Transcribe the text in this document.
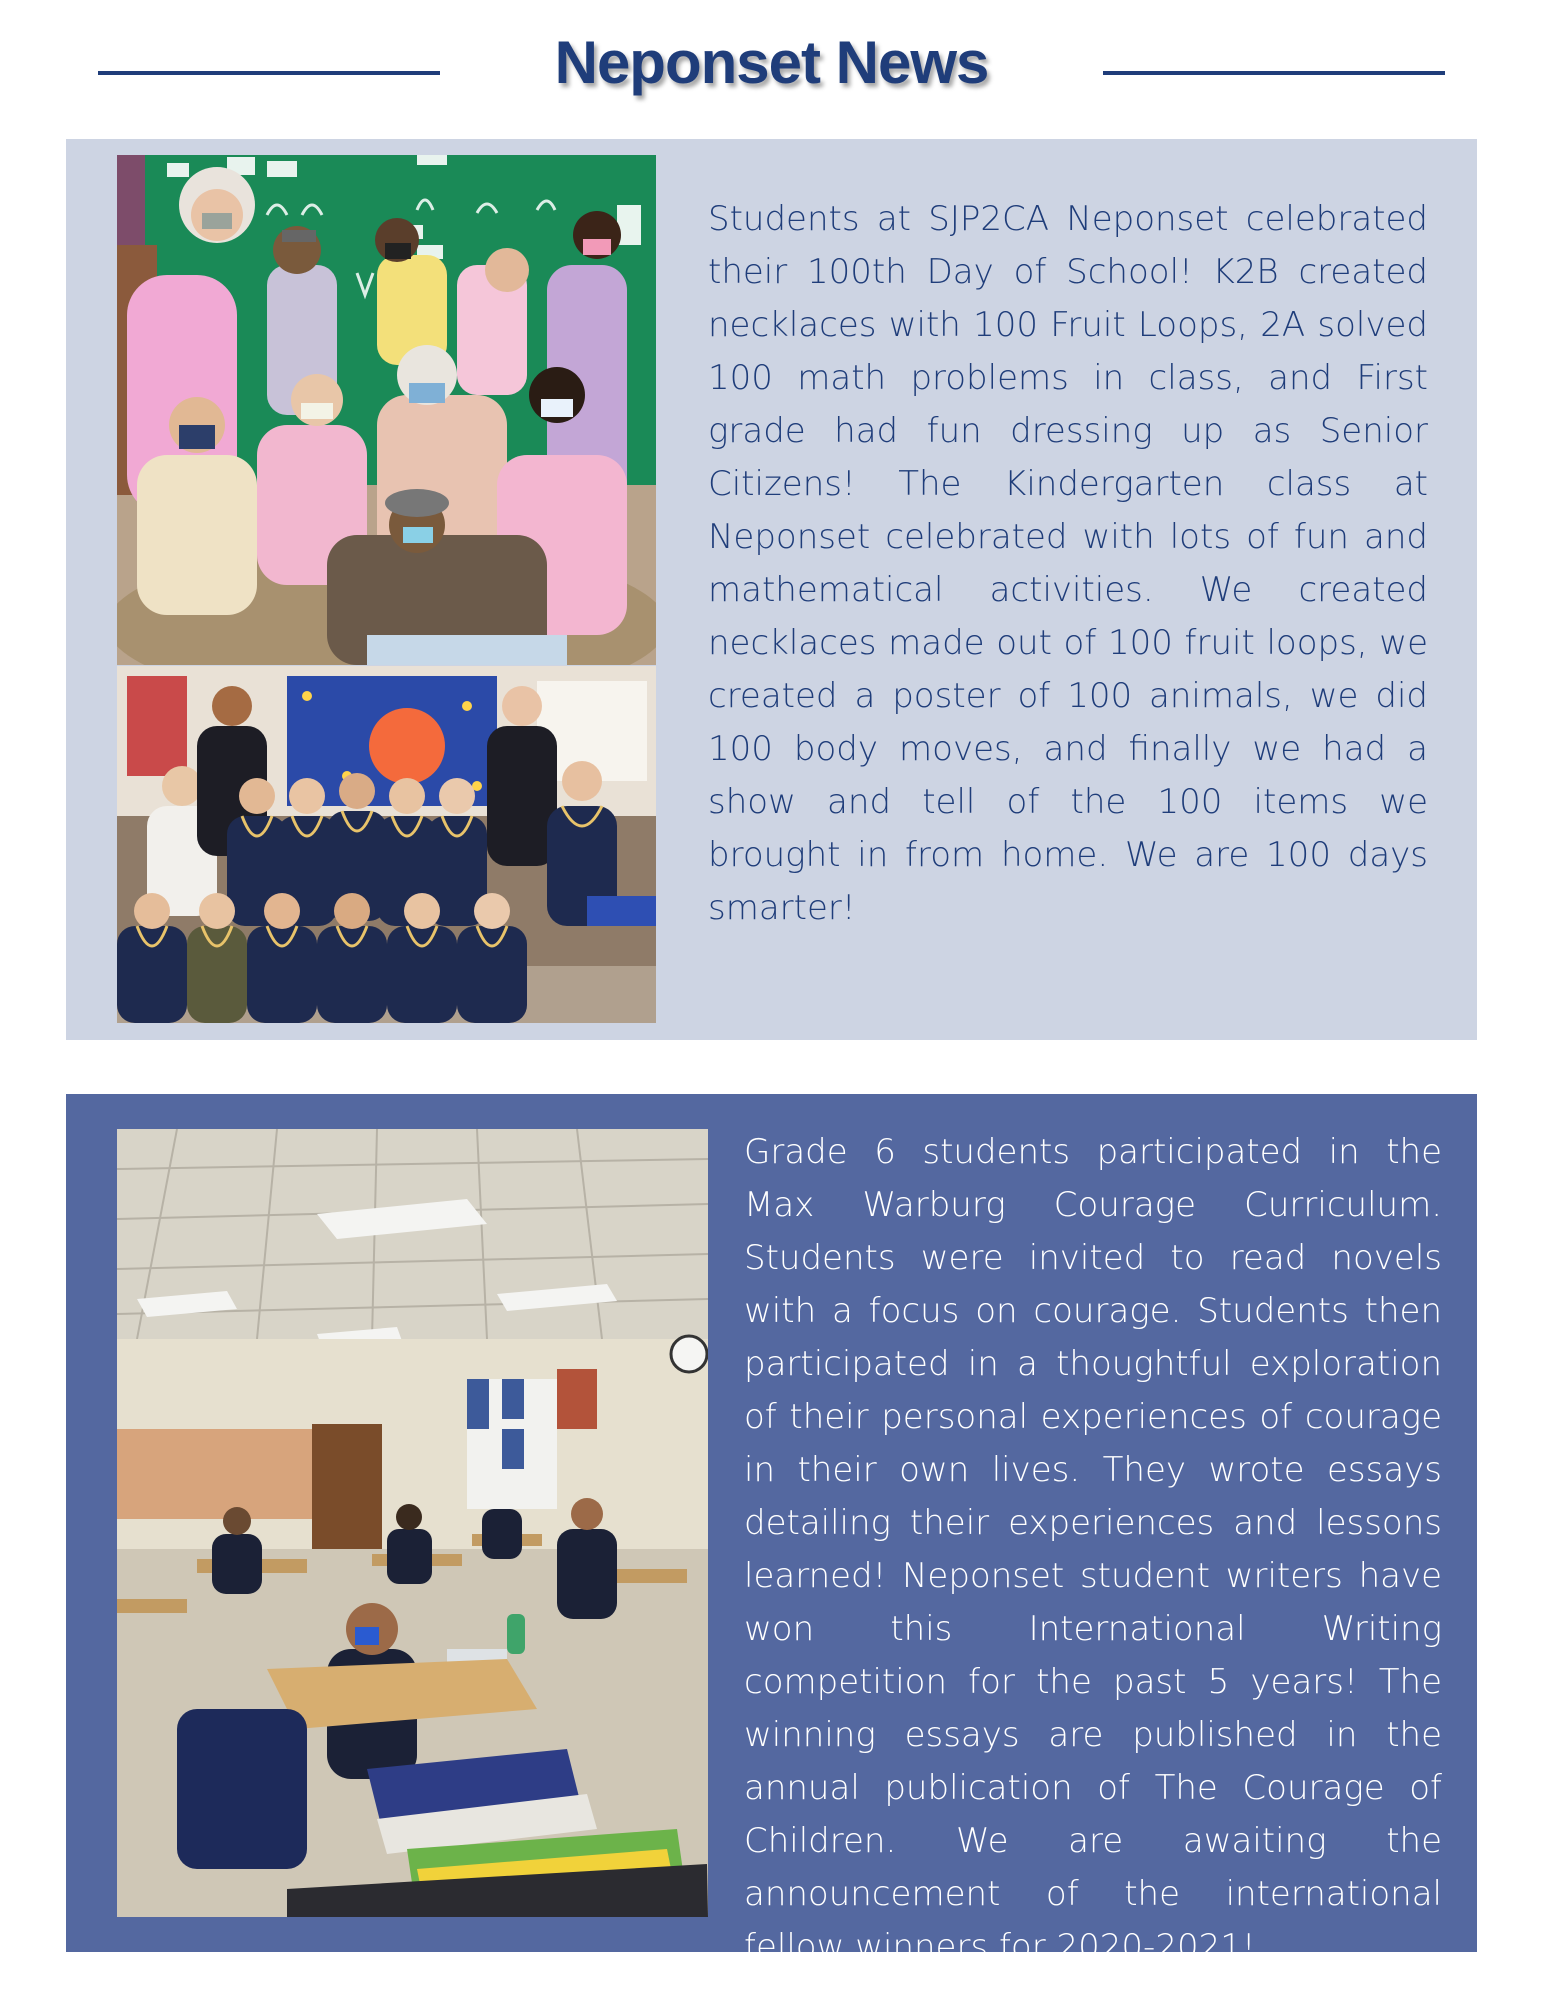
Neponset News

Students at SJP2CA Neponset celebrated their 100th Day of School! K2B created necklaces with 100 Fruit Loops, 2A solved 100 math problems in class, and First grade had fun dressing up as Senior Citizens! The Kindergarten class at Neponset celebrated with lots of fun and mathematical activities. We created necklaces made out of 100 fruit loops, we created a poster of 100 animals, we did 100 body moves, and finally we had a show and tell of the 100 items we brought in from home. We are 100 days smarter!

Grade 6 students participated in the Max Warburg Courage Curriculum. Students were invited to read novels with a focus on courage. Students then participated in a thoughtful exploration of their personal experiences of courage in their own lives. They wrote essays detailing their experiences and lessons learned! Neponset student writers have won this International Writing competition for the past 5 years! The winning essays are published in the annual publication of The Courage of Children. We are awaiting the announcement of the international fellow winners for 2020-2021!
